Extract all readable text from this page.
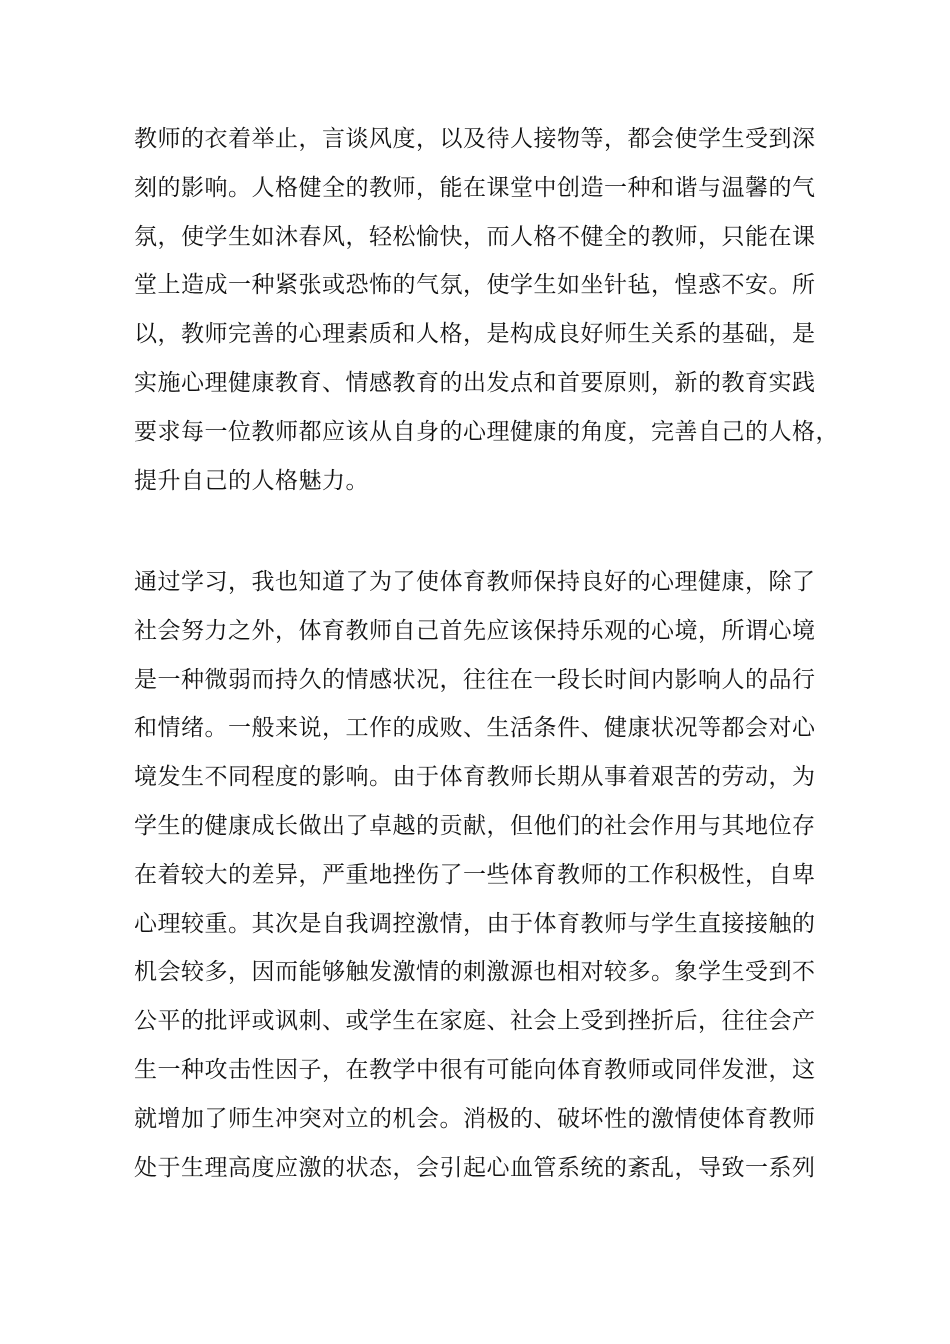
教师的衣着举止，言谈风度，以及待人接物等，都会使学生受到深
刻的影响。人格健全的教师，能在课堂中创造一种和谐与温馨的气
氛，使学生如沐春风，轻松愉快，而人格不健全的教师，只能在课
堂上造成一种紧张或恐怖的气氛，使学生如坐针毡，惶惑不安。所
以，教师完善的心理素质和人格，是构成良好师生关系的基础，是
实施心理健康教育、情感教育的出发点和首要原则，新的教育实践
要求每一位教师都应该从自身的心理健康的角度，完善自己的人格，
提升自己的人格魅力。
通过学习，我也知道了为了使体育教师保持良好的心理健康，除了
社会努力之外，体育教师自己首先应该保持乐观的心境，所谓心境
是一种微弱而持久的情感状况，往往在一段长时间内影响人的品行
和情绪。一般来说，工作的成败、生活条件、健康状况等都会对心
境发生不同程度的影响。由于体育教师长期从事着艰苦的劳动，为
学生的健康成长做出了卓越的贡献，但他们的社会作用与其地位存
在着较大的差异，严重地挫伤了一些体育教师的工作积极性，自卑
心理较重。其次是自我调控激情，由于体育教师与学生直接接触的
机会较多，因而能够触发激情的刺激源也相对较多。象学生受到不
公平的批评或讽刺、或学生在家庭、社会上受到挫折后，往往会产
生一种攻击性因子，在教学中很有可能向体育教师或同伴发泄，这
就增加了师生冲突对立的机会。消极的、破坏性的激情使体育教师
处于生理高度应激的状态，会引起心血管系统的紊乱，导致一系列
